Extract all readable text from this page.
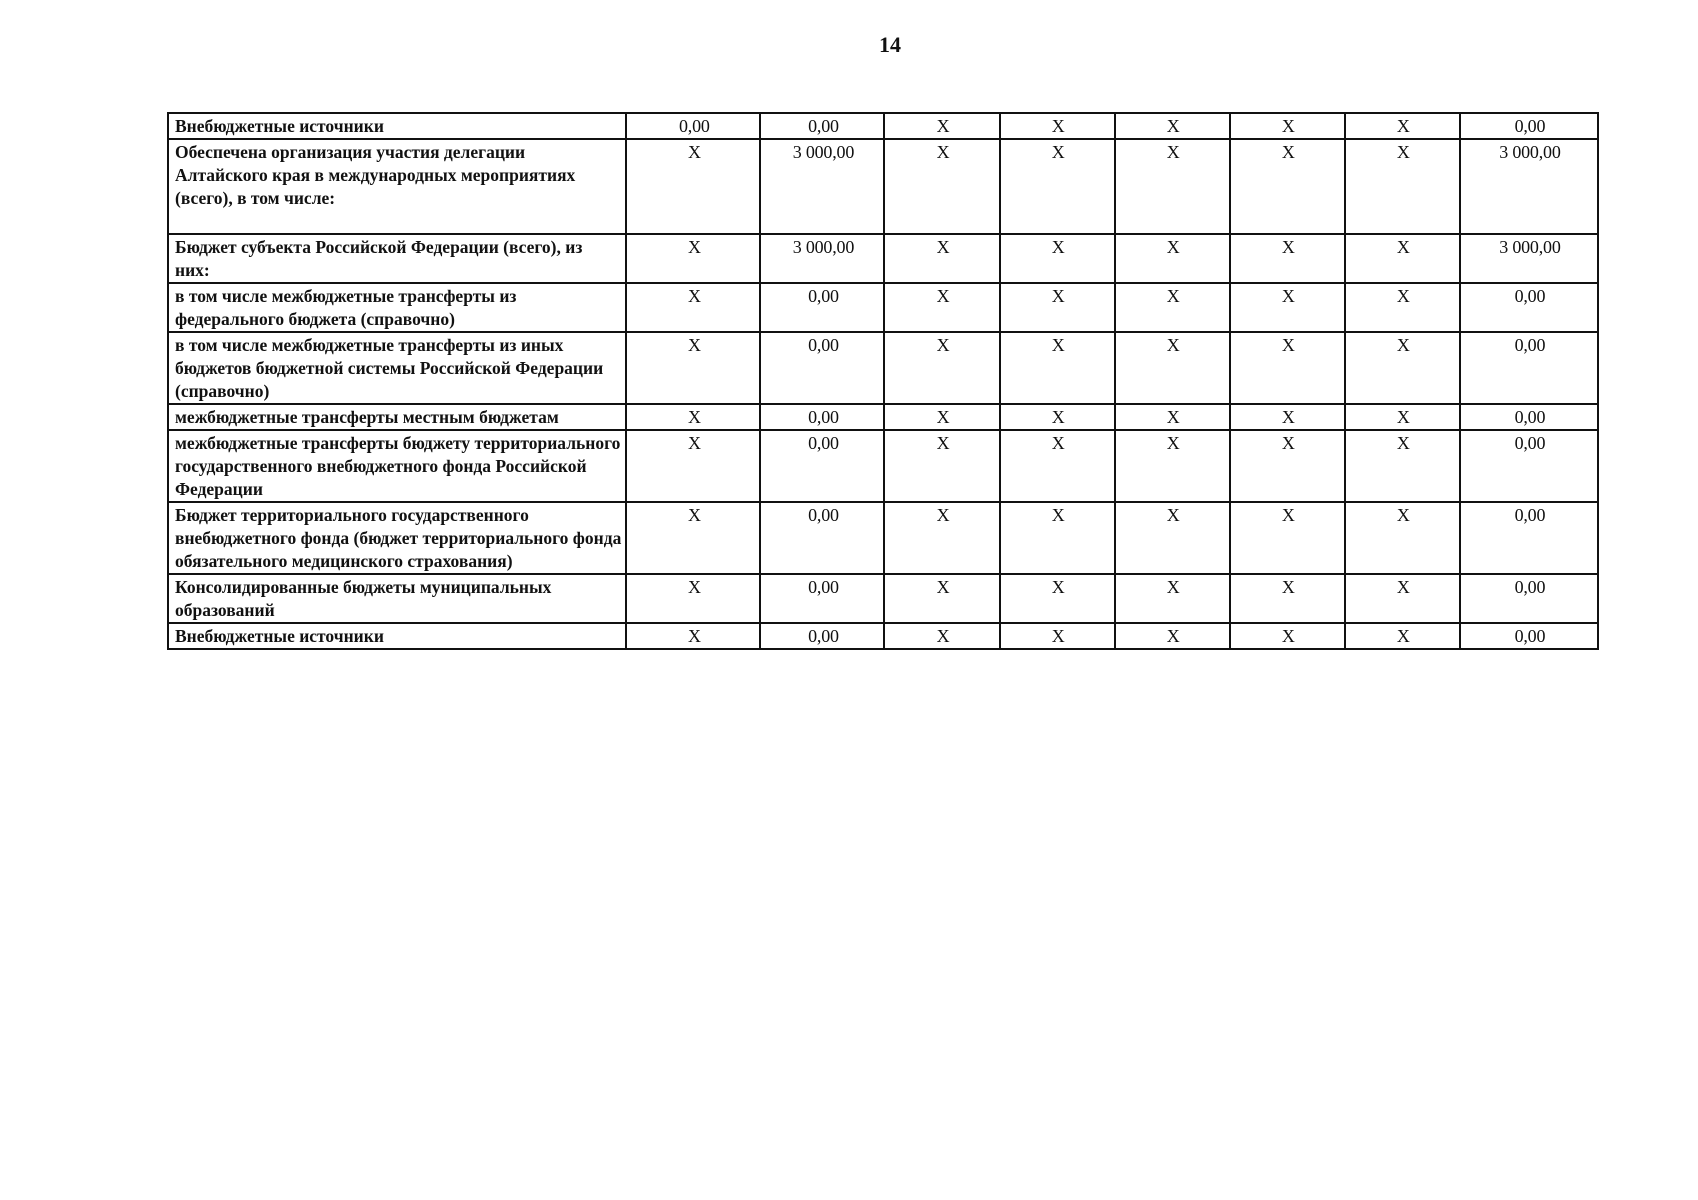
14
Внебюджетные источники	0,00	0,00	Х	Х	Х	Х	Х	0,00
Обеспечена организация участия делегации Алтайского края в международных мероприятиях (всего), в том числе:	Х	3 000,00	Х	Х	Х	Х	Х	3 000,00
Бюджет субъекта Российской Федерации (всего), из них:	Х	3 000,00	Х	Х	Х	Х	Х	3 000,00
в том числе межбюджетные трансферты из федерального бюджета (справочно)	Х	0,00	Х	Х	Х	Х	Х	0,00
в том числе межбюджетные трансферты из иных бюджетов бюджетной системы Российской Федерации (справочно)	Х	0,00	Х	Х	Х	Х	Х	0,00
межбюджетные трансферты местным бюджетам	Х	0,00	Х	Х	Х	Х	Х	0,00
межбюджетные трансферты бюджету территориального государственного внебюджетного фонда Российской Федерации	Х	0,00	Х	Х	Х	Х	Х	0,00
Бюджет территориального государственного внебюджетного фонда (бюджет территориального фонда обязательного медицинского страхования)	Х	0,00	Х	Х	Х	Х	Х	0,00
Консолидированные бюджеты муниципальных образований	Х	0,00	Х	Х	Х	Х	Х	0,00
Внебюджетные источники	Х	0,00	Х	Х	Х	Х	Х	0,00
